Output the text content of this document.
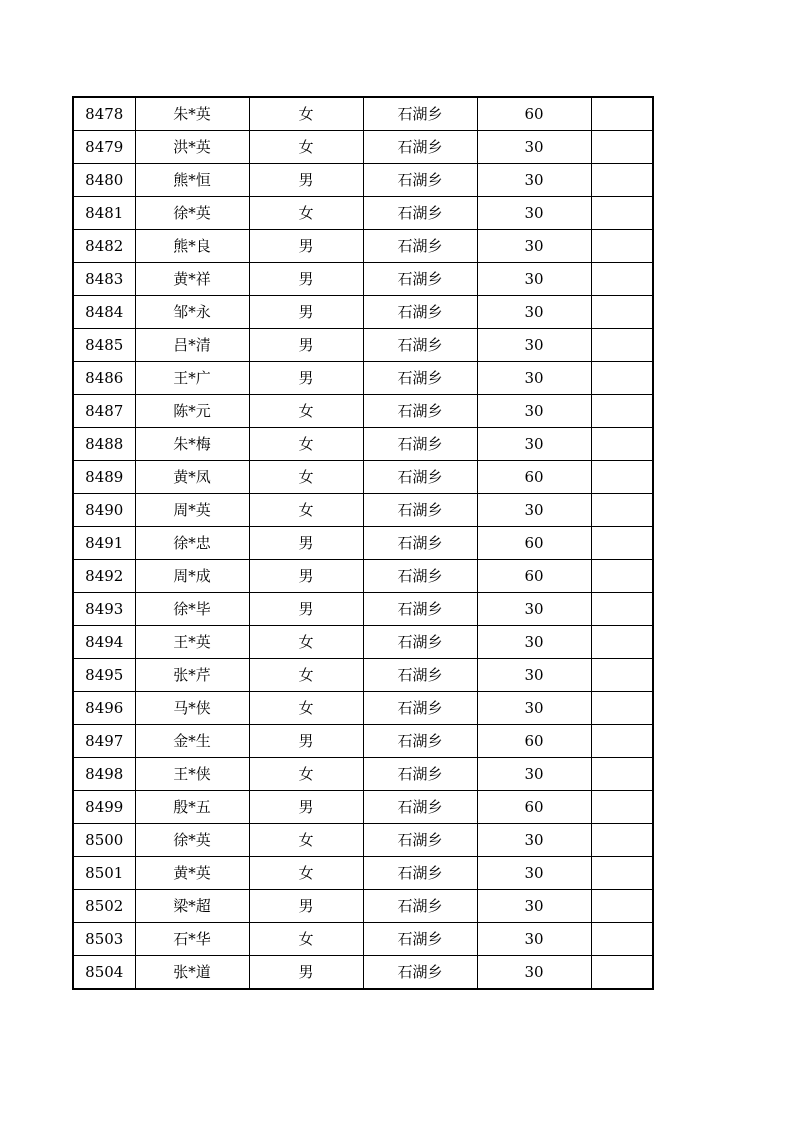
8478	朱*英	女	石湖乡	60	
8479	洪*英	女	石湖乡	30	
8480	熊*恒	男	石湖乡	30	
8481	徐*英	女	石湖乡	30	
8482	熊*良	男	石湖乡	30	
8483	黄*祥	男	石湖乡	30	
8484	邹*永	男	石湖乡	30	
8485	吕*清	男	石湖乡	30	
8486	王*广	男	石湖乡	30	
8487	陈*元	女	石湖乡	30	
8488	朱*梅	女	石湖乡	30	
8489	黄*凤	女	石湖乡	60	
8490	周*英	女	石湖乡	30	
8491	徐*忠	男	石湖乡	60	
8492	周*成	男	石湖乡	60	
8493	徐*毕	男	石湖乡	30	
8494	王*英	女	石湖乡	30	
8495	张*芹	女	石湖乡	30	
8496	马*侠	女	石湖乡	30	
8497	金*生	男	石湖乡	60	
8498	王*侠	女	石湖乡	30	
8499	殷*五	男	石湖乡	60	
8500	徐*英	女	石湖乡	30	
8501	黄*英	女	石湖乡	30	
8502	梁*超	男	石湖乡	30	
8503	石*华	女	石湖乡	30	
8504	张*道	男	石湖乡	30	
